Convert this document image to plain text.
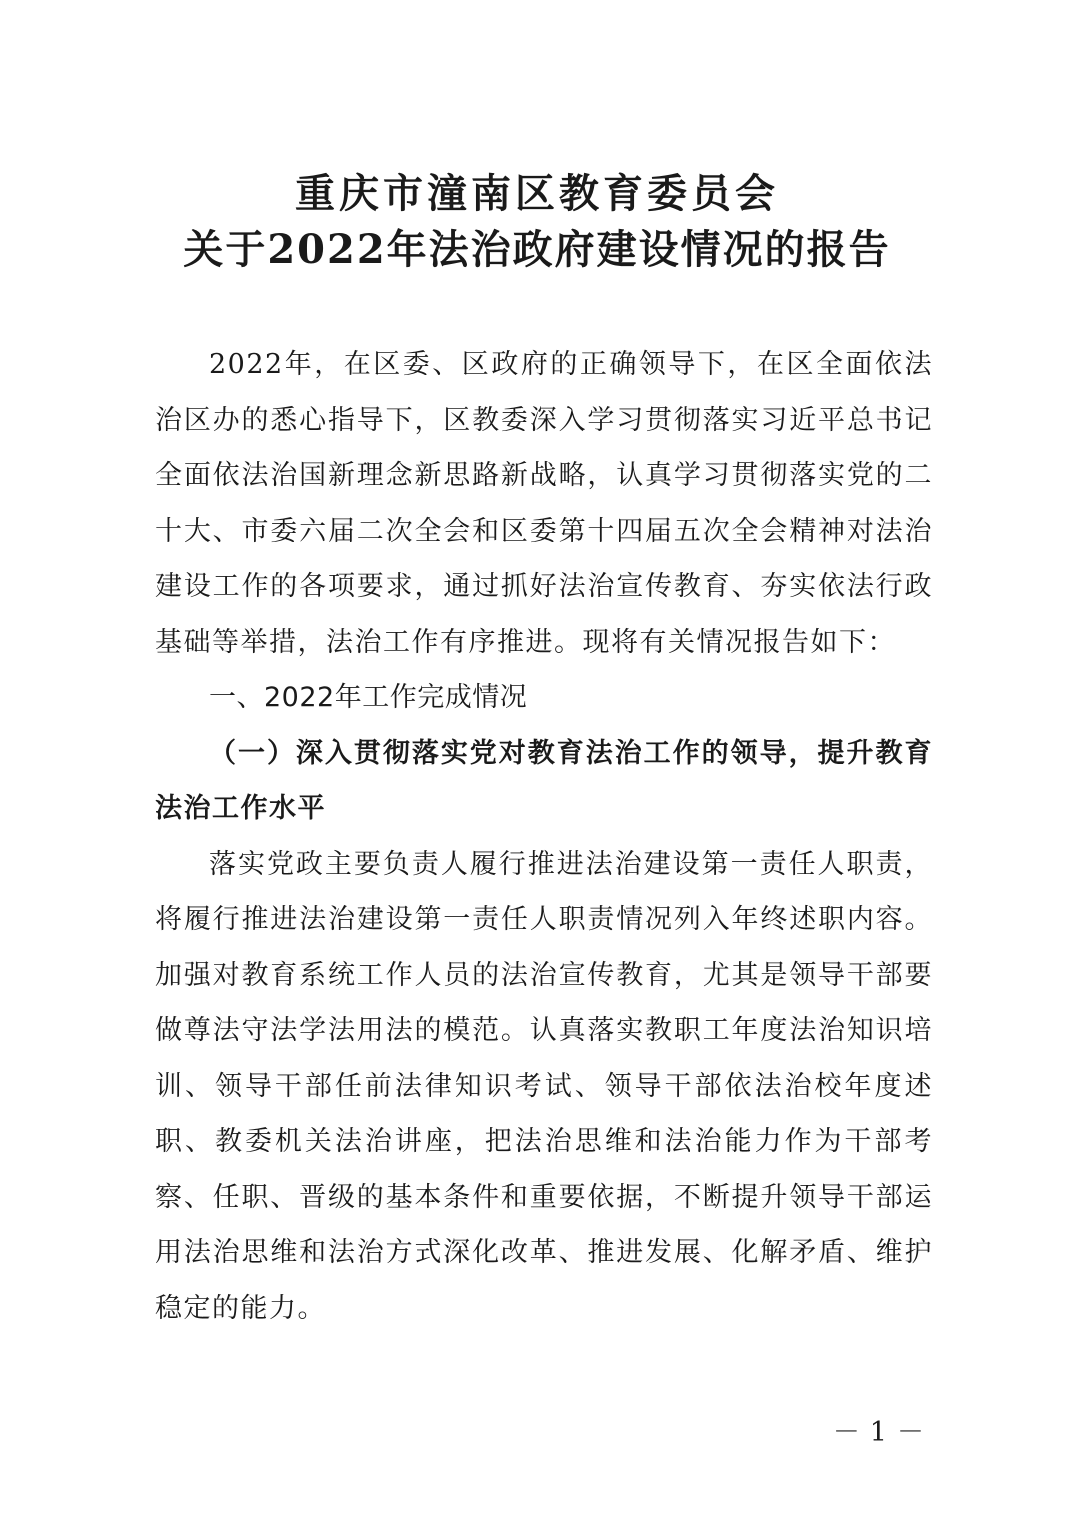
重庆市潼南区教育委员会
关于2022年法治政府建设情况的报告

2022年，在区委、区政府的正确领导下，在区全面依法治区办的悉心指导下，区教委深入学习贯彻落实习近平总书记全面依法治国新理念新思路新战略，认真学习贯彻落实党的二十大、市委六届二次全会和区委第十四届五次全会精神对法治建设工作的各项要求，通过抓好法治宣传教育、夯实依法行政基础等举措，法治工作有序推进。现将有关情况报告如下：

一、2022年工作完成情况

（一）深入贯彻落实党对教育法治工作的领导，提升教育法治工作水平

落实党政主要负责人履行推进法治建设第一责任人职责，将履行推进法治建设第一责任人职责情况列入年终述职内容。加强对教育系统工作人员的法治宣传教育，尤其是领导干部要做尊法守法学法用法的模范。认真落实教职工年度法治知识培训、领导干部任前法律知识考试、领导干部依法治校年度述职、教委机关法治讲座，把法治思维和法治能力作为干部考察、任职、晋级的基本条件和重要依据，不断提升领导干部运用法治思维和法治方式深化改革、推进发展、化解矛盾、维护稳定的能力。

－1－
